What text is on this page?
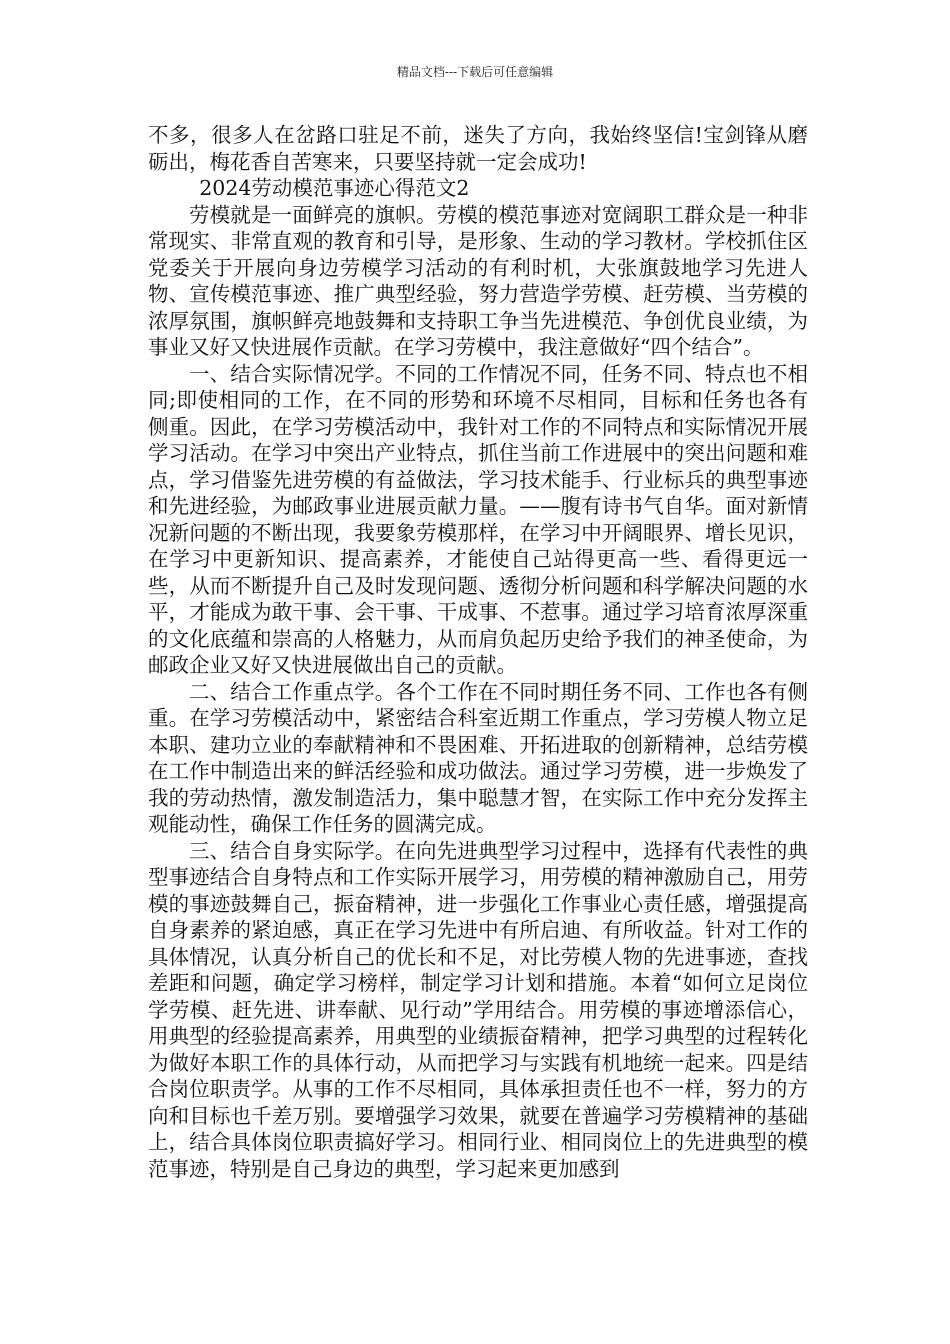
精品文档---下载后可任意编辑

不多，很多人在岔路口驻足不前，迷失了方向，我始终坚信!宝剑锋从磨砺出，梅花香自苦寒来，只要坚持就一定会成功!

2024劳动模范事迹心得范文2

劳模就是一面鲜亮的旗帜。劳模的模范事迹对宽阔职工群众是一种非常现实、非常直观的教育和引导，是形象、生动的学习教材。学校抓住区党委关于开展向身边劳模学习活动的有利时机，大张旗鼓地学习先进人物、宣传模范事迹、推广典型经验，努力营造学劳模、赶劳模、当劳模的浓厚氛围，旗帜鲜亮地鼓舞和支持职工争当先进模范、争创优良业绩，为事业又好又快进展作贡献。在学习劳模中，我注意做好“四个结合”。

一、结合实际情况学。不同的工作情况不同，任务不同、特点也不相同;即使相同的工作，在不同的形势和环境不尽相同，目标和任务也各有侧重。因此，在学习劳模活动中，我针对工作的不同特点和实际情况开展学习活动。在学习中突出产业特点，抓住当前工作进展中的突出问题和难点，学习借鉴先进劳模的有益做法，学习技术能手、行业标兵的典型事迹和先进经验，为邮政事业进展贡献力量。——腹有诗书气自华。面对新情况新问题的不断出现，我要象劳模那样，在学习中开阔眼界、增长见识，在学习中更新知识、提高素养，才能使自己站得更高一些、看得更远一些，从而不断提升自己及时发现问题、透彻分析问题和科学解决问题的水平，才能成为敢干事、会干事、干成事、不惹事。通过学习培育浓厚深重的文化底蕴和崇高的人格魅力，从而肩负起历史给予我们的神圣使命，为邮政企业又好又快进展做出自己的贡献。

二、结合工作重点学。各个工作在不同时期任务不同、工作也各有侧重。在学习劳模活动中，紧密结合科室近期工作重点，学习劳模人物立足本职、建功立业的奉献精神和不畏困难、开拓进取的创新精神，总结劳模在工作中制造出来的鲜活经验和成功做法。通过学习劳模，进一步焕发了我的劳动热情，激发制造活力，集中聪慧才智，在实际工作中充分发挥主观能动性，确保工作任务的圆满完成。

三、结合自身实际学。在向先进典型学习过程中，选择有代表性的典型事迹结合自身特点和工作实际开展学习，用劳模的精神激励自己，用劳模的事迹鼓舞自己，振奋精神，进一步强化工作事业心责任感，增强提高自身素养的紧迫感，真正在学习先进中有所启迪、有所收益。针对工作的具体情况，认真分析自己的优长和不足，对比劳模人物的先进事迹，查找差距和问题，确定学习榜样，制定学习计划和措施。本着“如何立足岗位学劳模、赶先进、讲奉献、见行动”学用结合。用劳模的事迹增添信心，用典型的经验提高素养，用典型的业绩振奋精神，把学习典型的过程转化为做好本职工作的具体行动，从而把学习与实践有机地统一起来。四是结合岗位职责学。从事的工作不尽相同，具体承担责任也不一样，努力的方向和目标也千差万别。要增强学习效果，就要在普遍学习劳模精神的基础上，结合具体岗位职责搞好学习。相同行业、相同岗位上的先进典型的模范事迹，特别是自己身边的典型，学习起来更加感到
